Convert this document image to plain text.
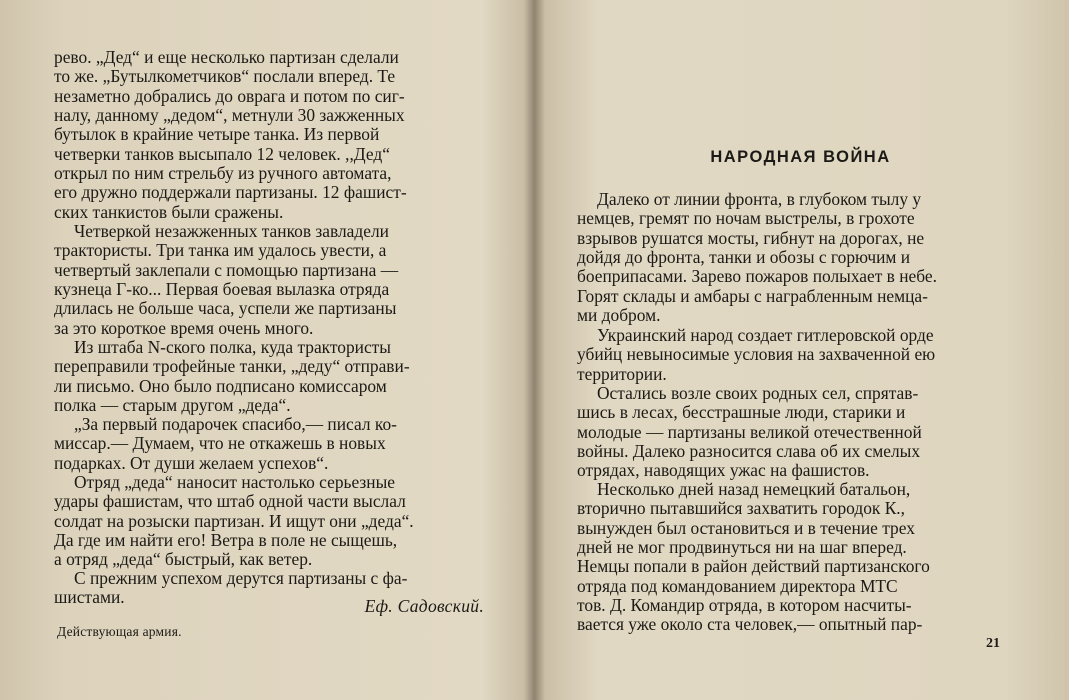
рево. „Дед“ и еще несколько партизан сделали
то же. „Бутылкометчиков“ послали вперед. Те
незаметно добрались до оврага и потом по сиг-
налу, данному „дедом“, метнули 30 зажженных
бутылок в крайние четыре танка. Из первой
четверки танков высыпало 12 человек. ,,Дед“
открыл по ним стрельбу из ручного автомата,
его дружно поддержали партизаны. 12 фашист-
ских танкистов были сражены.

Четверкой незажженных танков завладели
трактористы. Три танка им удалось увести, а
четвертый заклепали с помощью партизана —
кузнеца Г-ко... Первая боевая вылазка отряда
длилась не больше часа, успели же партизаны
за это короткое время очень много.

Из штаба N-ского полка, куда трактористы
переправили трофейные танки, „деду“ отправи-
ли письмо. Оно было подписано комиссаром
полка — старым другом „деда“.

„За первый подарочек спасибо,— писал ко-
миссар.— Думаем, что не откажешь в новых
подарках. От души желаем успехов“.

Отряд „деда“ наносит настолько серьезные
удары фашистам, что штаб одной части выслал
солдат на розыски партизан. И ищут они „деда“.
Да где им найти его! Ветра в поле не сыщешь,
а отряд „деда“ быстрый, как ветер.

С прежним успехом дерутся партизаны с фа-
шистами.	Еф. Садовский.
Действующая армия.
НАРОДНАЯ ВОЙНА

Далеко от линии фронта, в глубоком тылу у
немцев, гремят по ночам выстрелы, в грохоте
взрывов рушатся мосты, гибнут на дорогах, не
дойдя до фронта, танки и обозы с горючим и
боеприпасами. Зарево пожаров полыхает в небе.
Горят склады и амбары с награбленным немца-
ми добром.

Украинский народ создает гитлеровской орде
убийц невыносимые условия на захваченной ею
территории.

Остались возле своих родных сел, спрятав-
шись в лесах, бесстрашные люди, старики и
молодые — партизаны великой отечественной
войны. Далеко разносится слава об их смелых
отрядах, наводящих ужас на фашистов.

Несколько дней назад немецкий батальон,
вторично пытавшийся захватить городок К.,
вынужден был остановиться и в течение трех
дней не мог продвинуться ни на шаг вперед.
Немцы попали в район действий партизанского
отряда под командованием директора МТС
тов. Д. Командир отряда, в котором насчиты-
вается уже около ста человек,— опытный пар-

21
